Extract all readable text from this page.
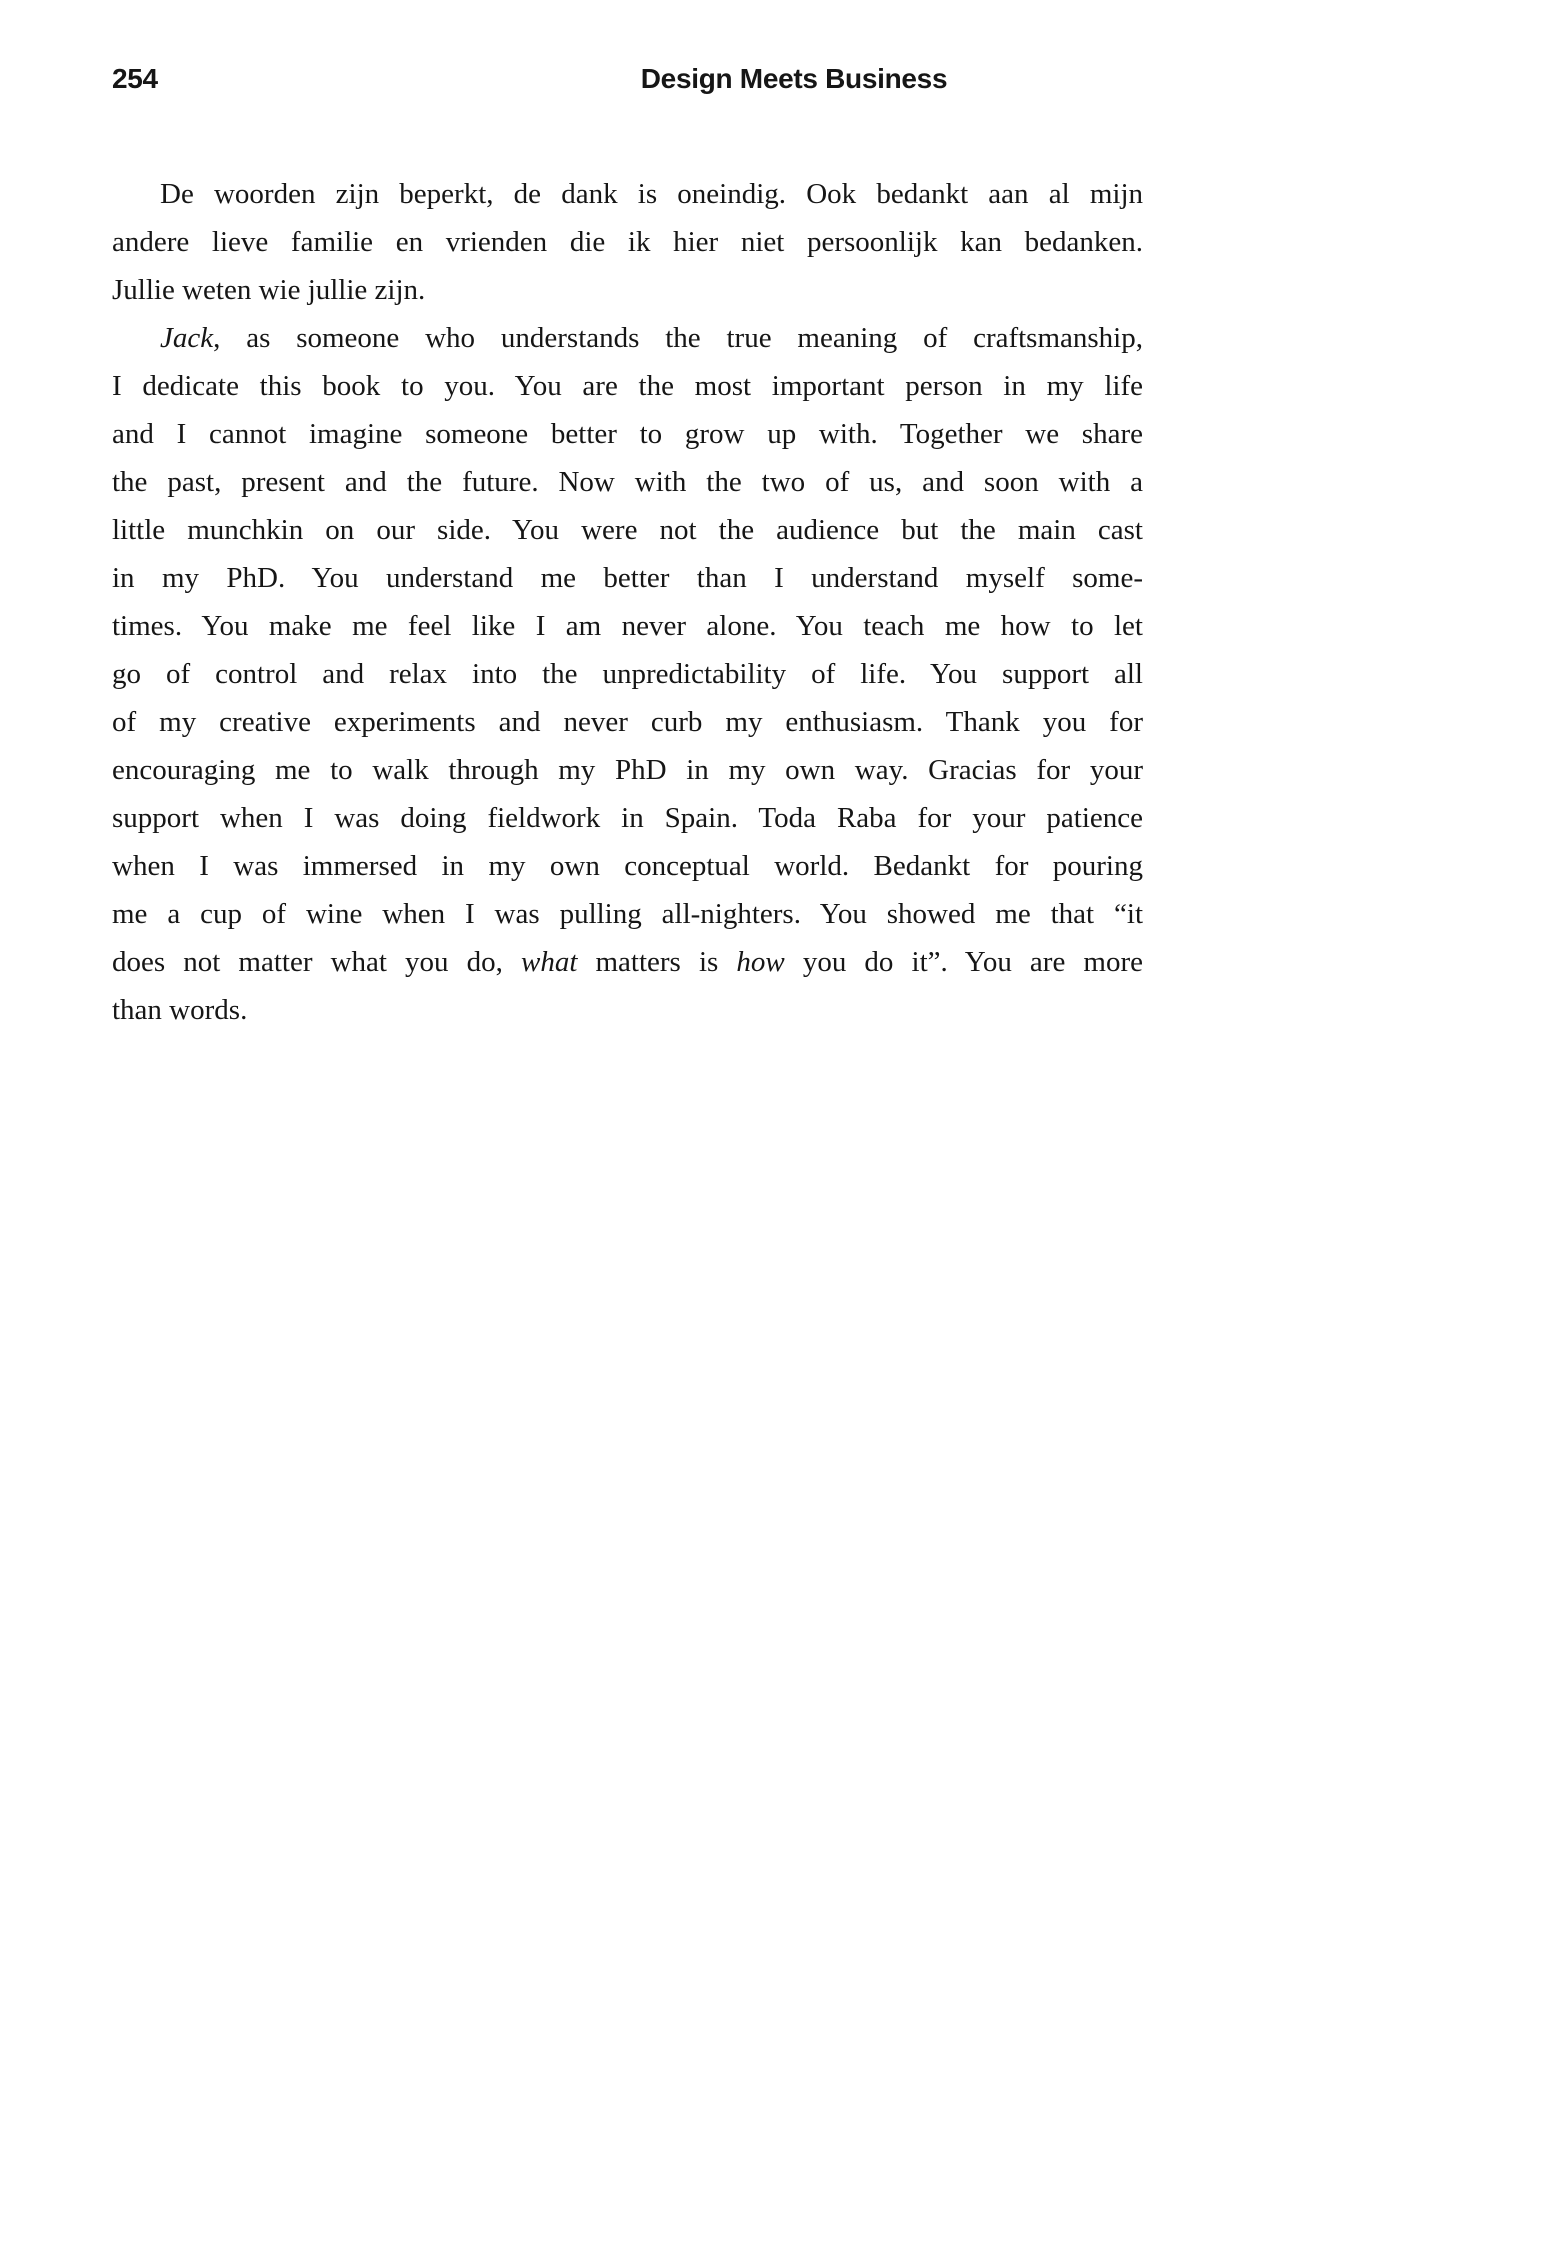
254	Design Meets Business
De woorden zijn beperkt, de dank is oneindig. Ook bedankt aan al mijn
andere lieve familie en vrienden die ik hier niet persoonlijk kan bedanken.
Jullie weten wie jullie zijn.
Jack, as someone who understands the true meaning of craftsmanship,
I dedicate this book to you. You are the most important person in my life
and I cannot imagine someone better to grow up with. Together we share
the past, present and the future. Now with the two of us, and soon with a
little munchkin on our side. You were not the audience but the main cast
in my PhD. You understand me better than I understand myself some-
times. You make me feel like I am never alone. You teach me how to let
go of control and relax into the unpredictability of life. You support all
of my creative experiments and never curb my enthusiasm. Thank you for
encouraging me to walk through my PhD in my own way. Gracias for your
support when I was doing fieldwork in Spain. Toda Raba for your patience
when I was immersed in my own conceptual world. Bedankt for pouring
me a cup of wine when I was pulling all-nighters. You showed me that “it
does not matter what you do, what matters is how you do it”. You are more
than words.
